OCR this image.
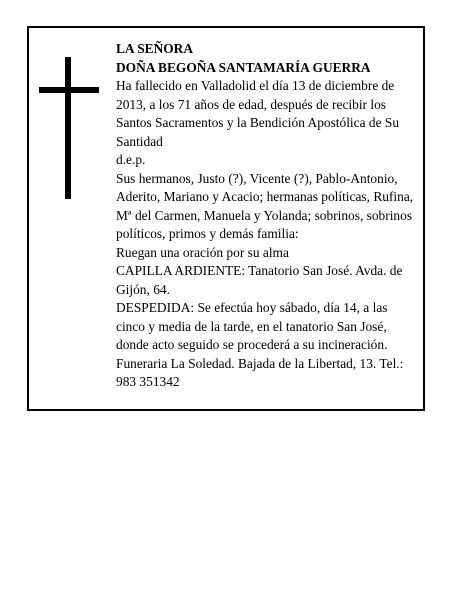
LA SEÑORA

DOÑA BEGOÑA SANTAMARÍA GUERRA

Ha fallecido en Valladolid el día 13 de diciembre de 2013, a los 71 años de edad, después de recibir los Santos Sacramentos y la Bendición Apostólica de Su Santidad

d.e.p.

Sus hermanos, Justo (?), Vicente (?), Pablo-Antonio, Aderito, Mariano y Acacio; hermanas políticas, Rufina, Mª del Carmen, Manuela y Yolanda; sobrinos, sobrinos políticos, primos y demás familia:

Ruegan una oración por su alma

CAPILLA ARDIENTE: Tanatorio San José. Avda. de Gijón, 64.

DESPEDIDA: Se efectúa hoy sábado, día 14, a las cinco y media de la tarde, en el tanatorio San José, donde acto seguido se procederá a su incineración.

Funeraria La Soledad. Bajada de la Libertad, 13. Tel.: 983 351342
